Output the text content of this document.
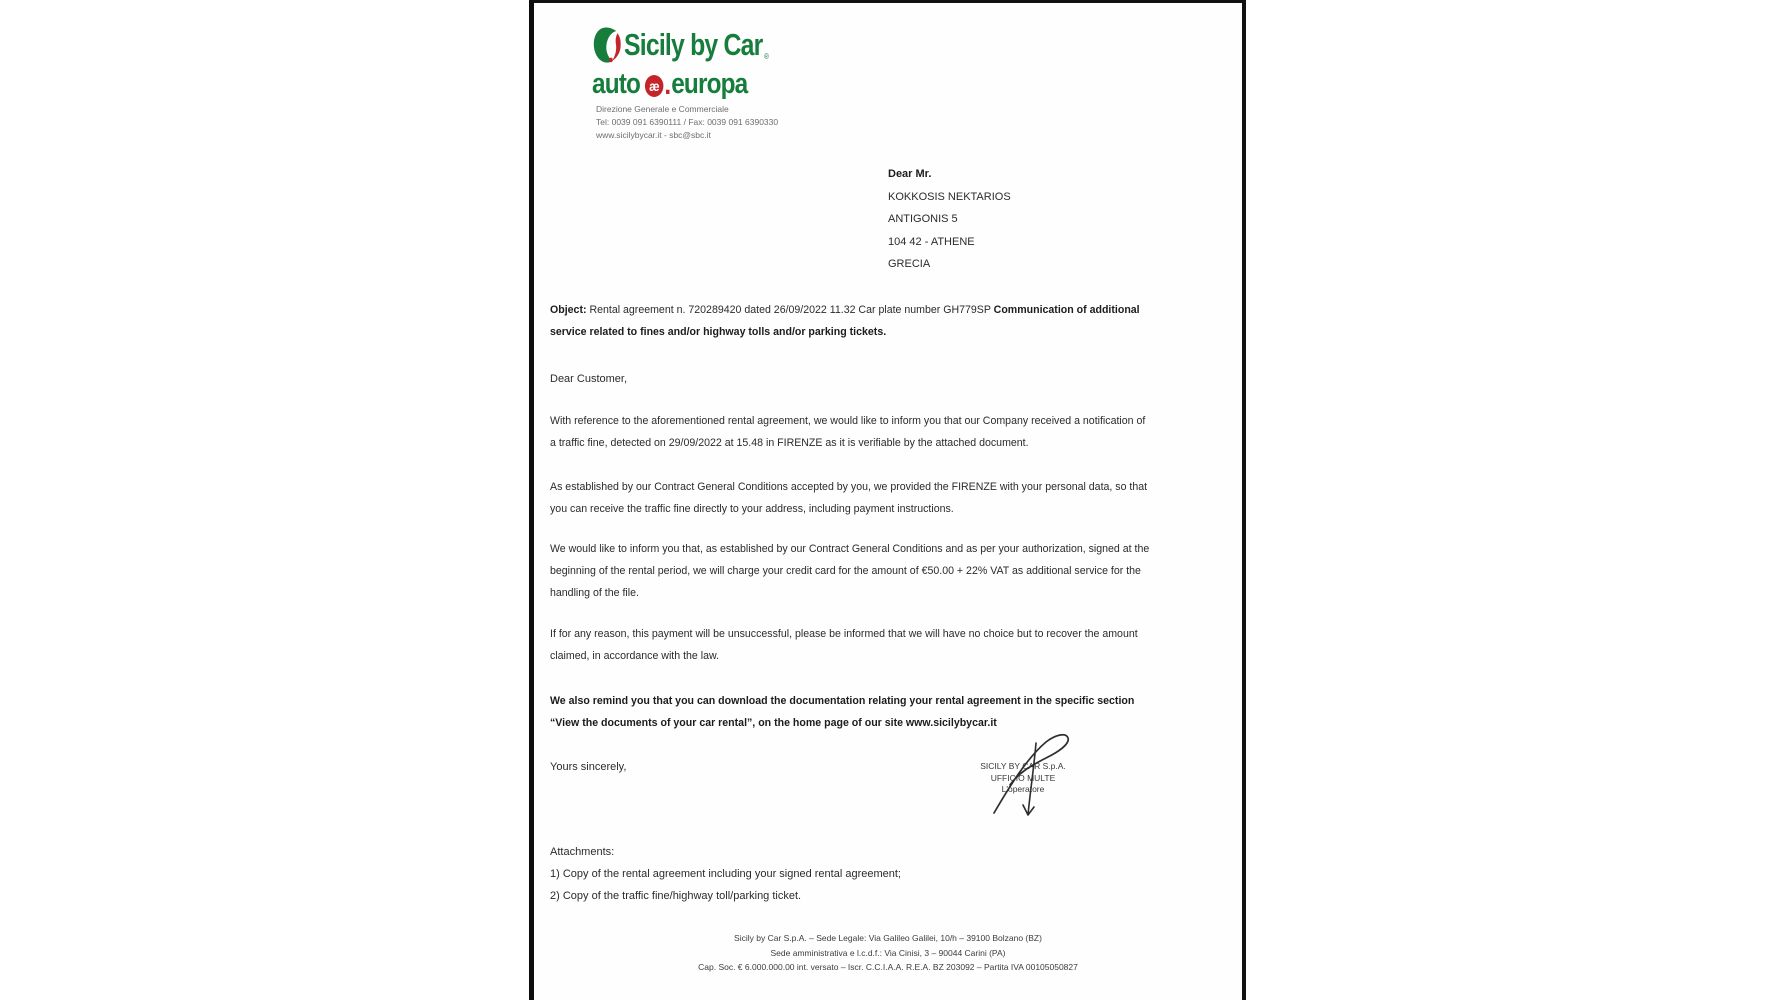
Sicily by Car ®
auto æ . europa
Direzione Generale e Commerciale
Tel: 0039 091 6390111 / Fax: 0039 091 6390330
www.sicilybycar.it - sbc@sbc.it
Dear Mr.
KOKKOSIS NEKTARIOS
ANTIGONIS 5
104 42 - ATHENE
GRECIA
Object: Rental agreement n. 720289420 dated 26/09/2022 11.32 Car plate number GH779SP Communication of additional
service related to fines and/or highway tolls and/or parking tickets.
Dear Customer,
With reference to the aforementioned rental agreement, we would like to inform you that our Company received a notification of
a traffic fine, detected on 29/09/2022 at 15.48 in FIRENZE as it is verifiable by the attached document.
As established by our Contract General Conditions accepted by you, we provided the FIRENZE with your personal data, so that
you can receive the traffic fine directly to your address, including payment instructions.
We would like to inform you that, as established by our Contract General Conditions and as per your authorization, signed at the
beginning of the rental period, we will charge your credit card for the amount of €50.00 + 22% VAT as additional service for the
handling of the file.
If for any reason, this payment will be unsuccessful, please be informed that we will have no choice but to recover the amount
claimed, in accordance with the law.
We also remind you that you can download the documentation relating your rental agreement in the specific section
“View the documents of your car rental”, on the home page of our site www.sicilybycar.it
Yours sincerely,	SICILY BY CAR S.p.A.
UFFICIO MULTE
L'operatore
Attachments:
1) Copy of the rental agreement including your signed rental agreement;
2) Copy of the traffic fine/highway toll/parking ticket.
Sicily by Car S.p.A. – Sede Legale: Via Galileo Galilei, 10/h – 39100 Bolzano (BZ)
Sede amministrativa e l.c.d.f.: Via Cinisi, 3 – 90044 Carini (PA)
Cap. Soc. € 6.000.000.00 int. versato – Iscr. C.C.I.A.A. R.E.A. BZ 203092 – Partita IVA 00105050827
